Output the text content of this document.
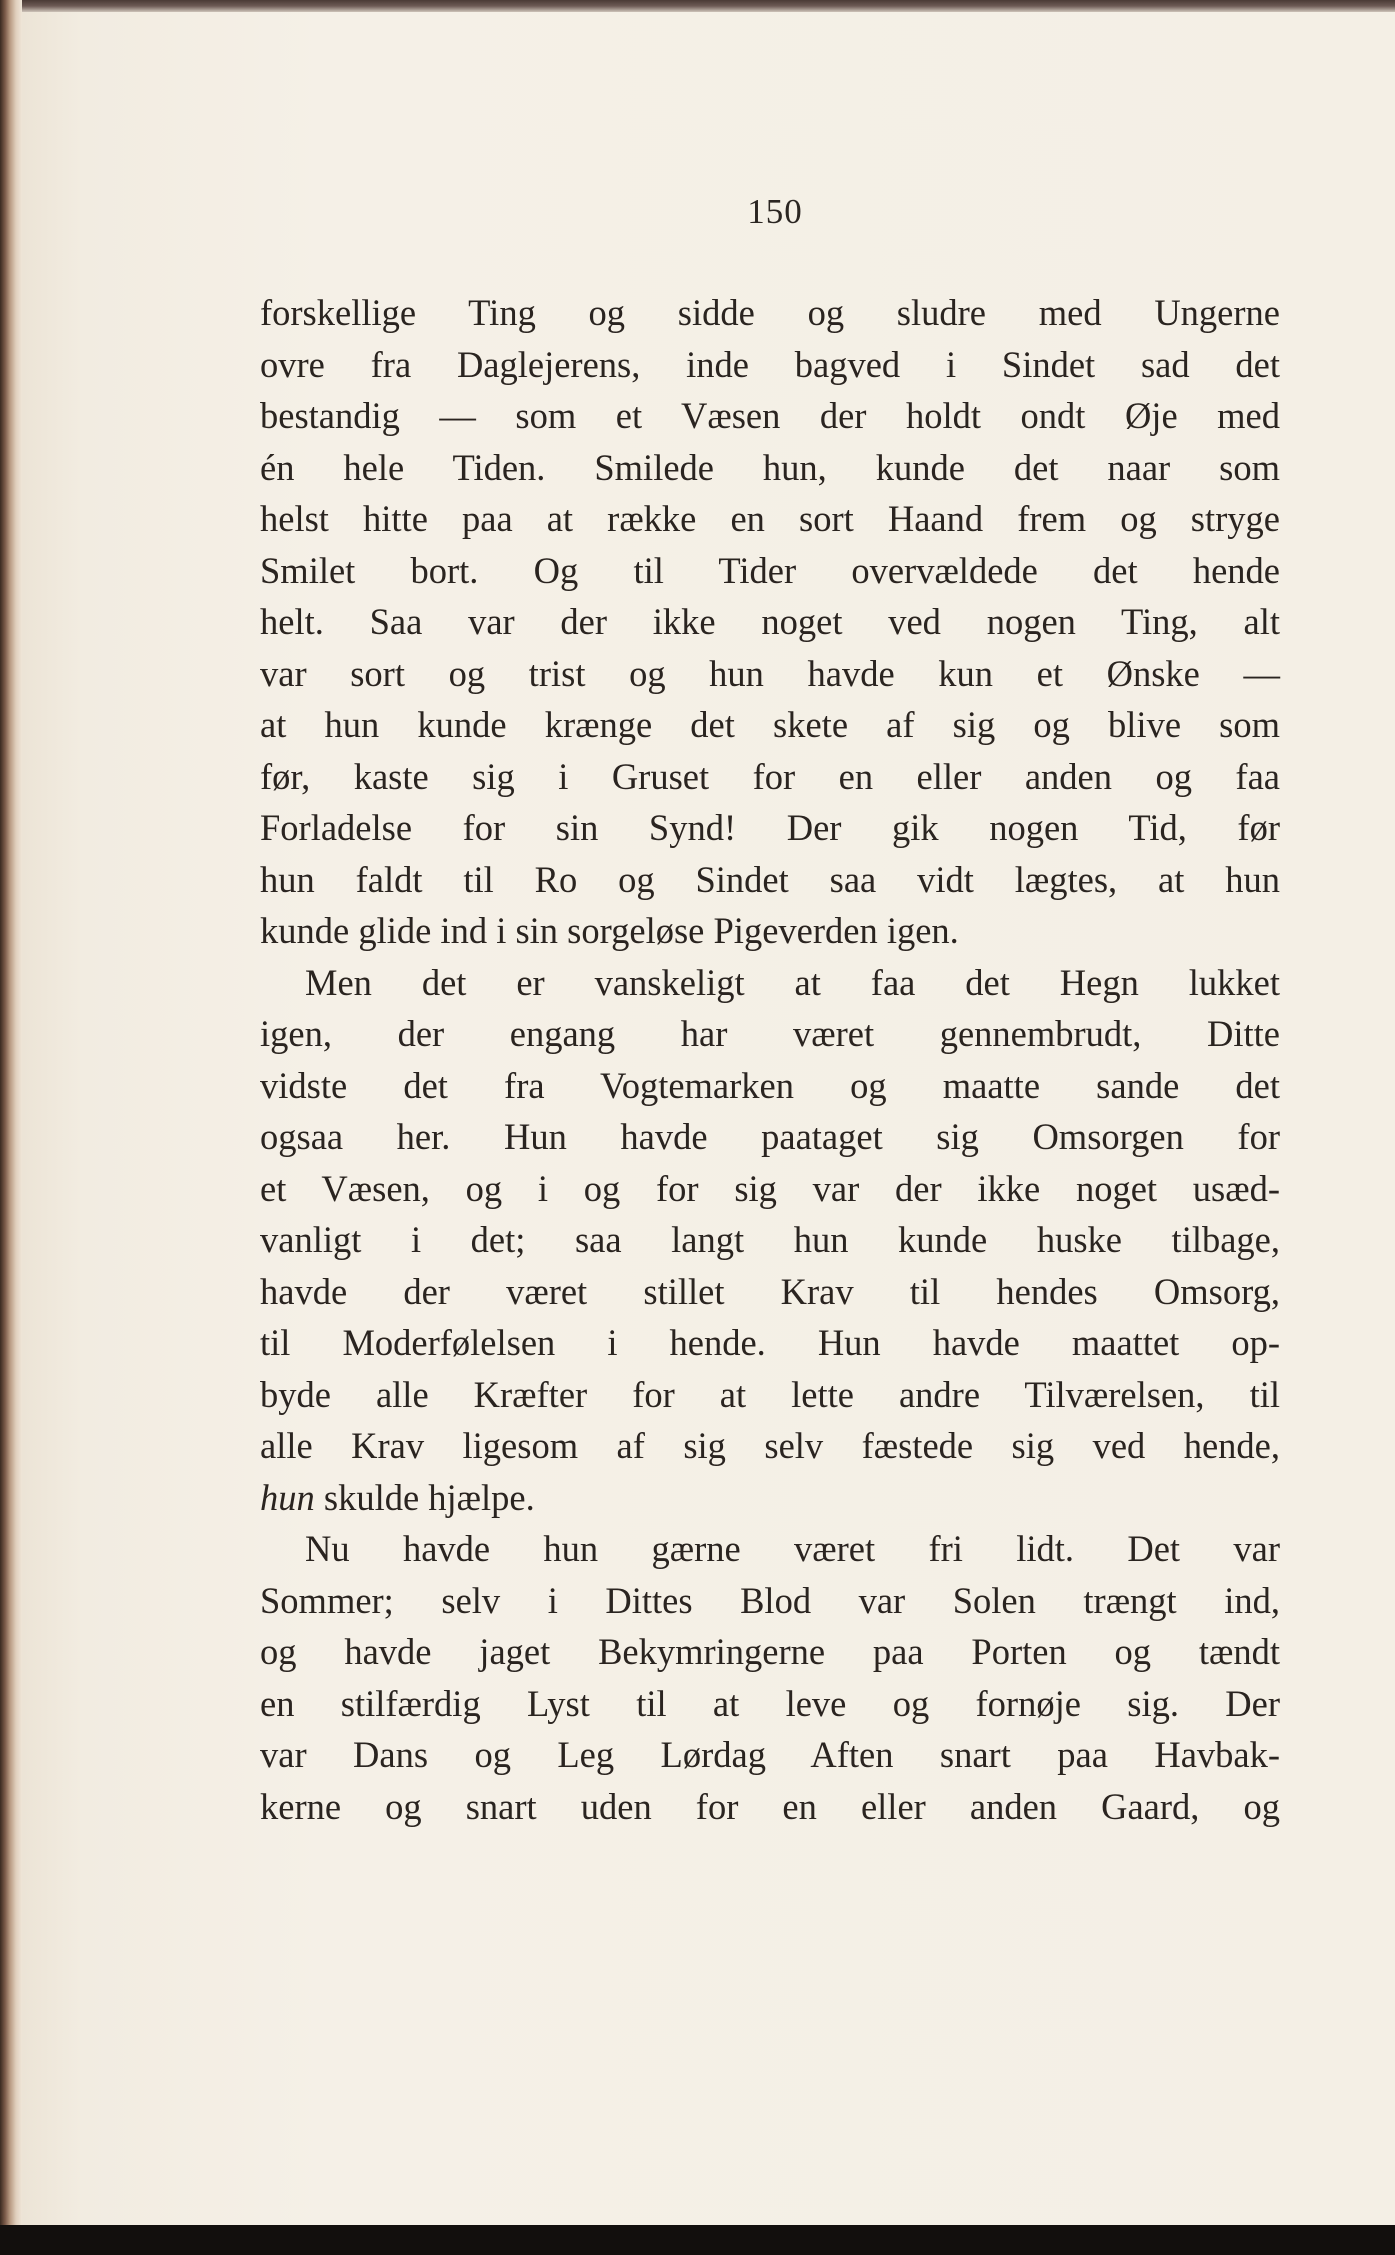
150
forskellige Ting og sidde og sludre med Ungerne
ovre fra Daglejerens, inde bagved i Sindet sad det
bestandig — som et Væsen der holdt ondt Øje med
én hele Tiden. Smilede hun, kunde det naar som
helst hitte paa at række en sort Haand frem og stryge
Smilet bort. Og til Tider overvældede det hende
helt. Saa var der ikke noget ved nogen Ting, alt
var sort og trist og hun havde kun et Ønske —
at hun kunde krænge det skete af sig og blive som
før, kaste sig i Gruset for en eller anden og faa
Forladelse for sin Synd! Der gik nogen Tid, før
hun faldt til Ro og Sindet saa vidt lægtes, at hun
kunde glide ind i sin sorgeløse Pigeverden igen.
Men det er vanskeligt at faa det Hegn lukket
igen, der engang har været gennembrudt, Ditte
vidste det fra Vogtemarken og maatte sande det
ogsaa her. Hun havde paataget sig Omsorgen for
et Væsen, og i og for sig var der ikke noget usæd-
vanligt i det; saa langt hun kunde huske tilbage,
havde der været stillet Krav til hendes Omsorg,
til Moderfølelsen i hende. Hun havde maattet op-
byde alle Kræfter for at lette andre Tilværelsen, til
alle Krav ligesom af sig selv fæstede sig ved hende,
hun skulde hjælpe.
Nu havde hun gærne været fri lidt. Det var
Sommer; selv i Dittes Blod var Solen trængt ind,
og havde jaget Bekymringerne paa Porten og tændt
en stilfærdig Lyst til at leve og fornøje sig. Der
var Dans og Leg Lørdag Aften snart paa Havbak-
kerne og snart uden for en eller anden Gaard, og
